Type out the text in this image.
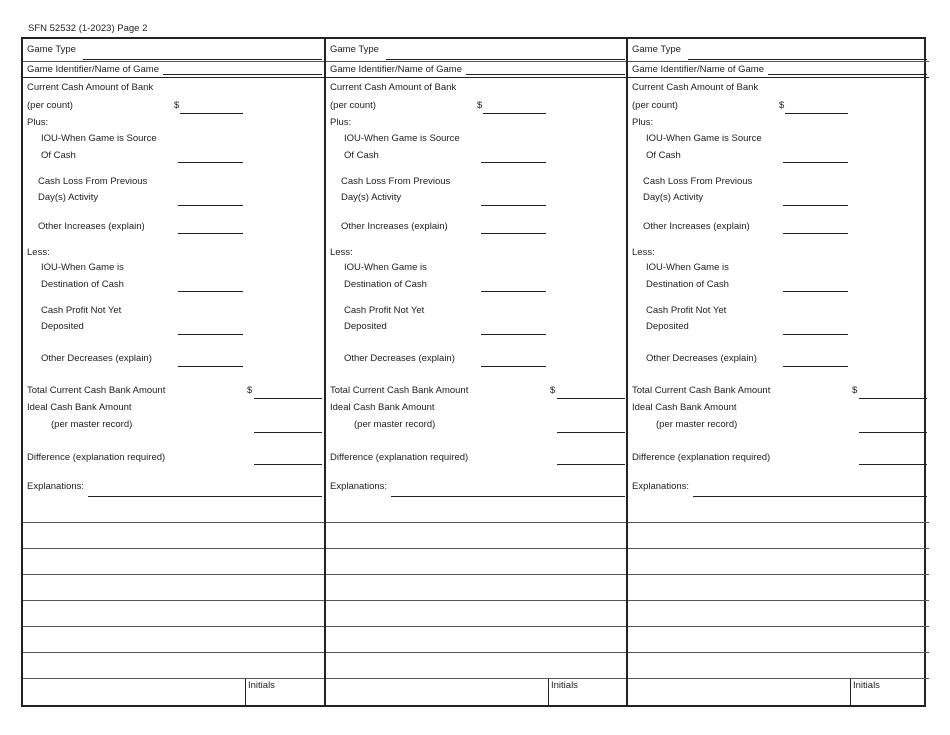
SFN 52532 (1-2023) Page 2
Game Type
Game Identifier/Name of Game
Current Cash Amount of Bank
(per count)	$
Plus:
IOU-When Game is Source
Of Cash
Cash Loss From Previous
Day(s) Activity
Other Increases (explain)
Less:
IOU-When Game is
Destination of Cash
Cash Profit Not Yet
Deposited
Other Decreases (explain)
Total Current Cash Bank Amount	$
Ideal Cash Bank Amount
(per master record)
Difference (explanation required)
Explanations:
Initials
Game Type
Game Identifier/Name of Game
Current Cash Amount of Bank
(per count)	$
Plus:
IOU-When Game is Source
Of Cash
Cash Loss From Previous
Day(s) Activity
Other Increases (explain)
Less:
IOU-When Game is
Destination of Cash
Cash Profit Not Yet
Deposited
Other Decreases (explain)
Total Current Cash Bank Amount	$
Ideal Cash Bank Amount
(per master record)
Difference (explanation required)
Explanations:
Initials
Game Type
Game Identifier/Name of Game
Current Cash Amount of Bank
(per count)	$
Plus:
IOU-When Game is Source
Of Cash
Cash Loss From Previous
Day(s) Activity
Other Increases (explain)
Less:
IOU-When Game is
Destination of Cash
Cash Profit Not Yet
Deposited
Other Decreases (explain)
Total Current Cash Bank Amount	$
Ideal Cash Bank Amount
(per master record)
Difference (explanation required)
Explanations:
Initials
